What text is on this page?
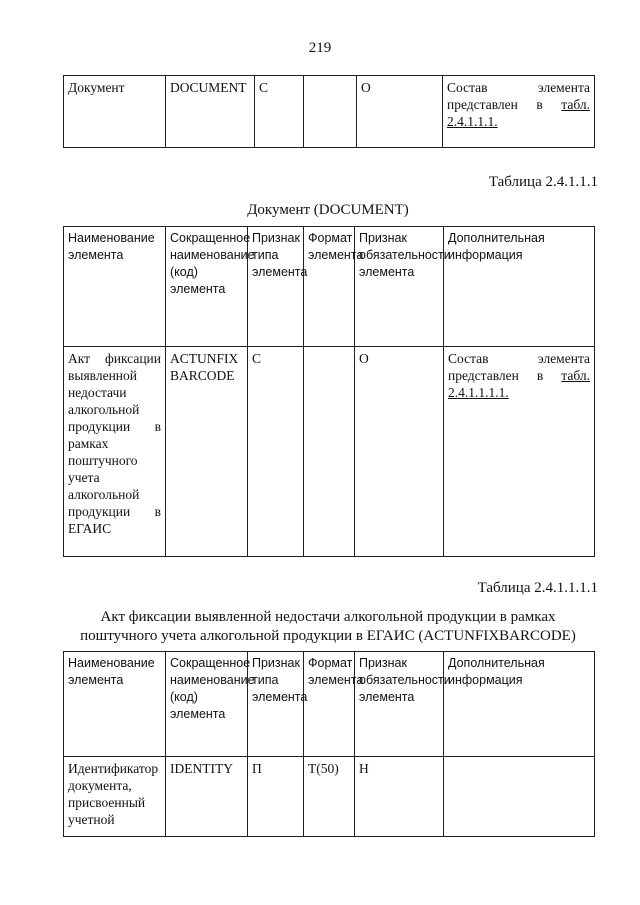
219
Документ	DOCUMENT	С		О	Состав элемента представлен в табл. 2.4.1.1.1.
Таблица 2.4.1.1.1
Документ (DOCUMENT)
Наименование элемента	Сокращенное наименование (код) элемента	Признак типа элемента	Формат элемента	Признак обязательности элемента	Дополнительная информация
Акт фиксации выявленной недостачи алкогольной продукции в рамках поштучного учета алкогольной продукции в ЕГАИС	ACTUNFIXBARCODE	С		О	Состав элемента представлен в табл. 2.4.1.1.1.1.
Таблица 2.4.1.1.1.1
Акт фиксации выявленной недостачи алкогольной продукции в рамках
поштучного учета алкогольной продукции в ЕГАИС (ACTUNFIXBARCODE)
Наименование элемента	Сокращенное наименование (код) элемента	Признак типа элемента	Формат элемента	Признак обязательности элемента	Дополнительная информация
Идентификатор документа, присвоенный учетной	IDENTITY	П	Т(50)	Н	
